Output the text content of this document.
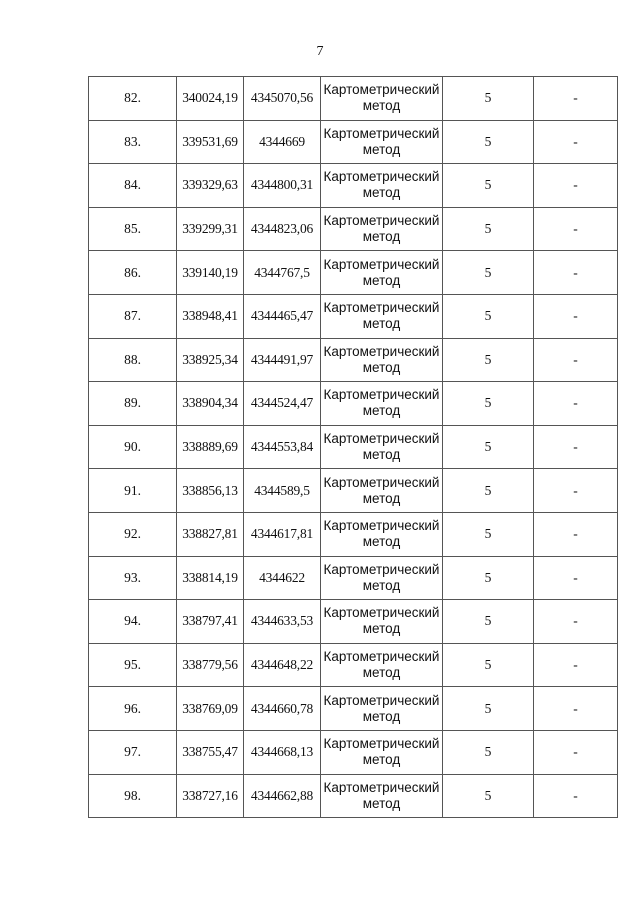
7
82.	340024,19	4345070,56	Картометрический метод	5	-
83.	339531,69	4344669	Картометрический метод	5	-
84.	339329,63	4344800,31	Картометрический метод	5	-
85.	339299,31	4344823,06	Картометрический метод	5	-
86.	339140,19	4344767,5	Картометрический метод	5	-
87.	338948,41	4344465,47	Картометрический метод	5	-
88.	338925,34	4344491,97	Картометрический метод	5	-
89.	338904,34	4344524,47	Картометрический метод	5	-
90.	338889,69	4344553,84	Картометрический метод	5	-
91.	338856,13	4344589,5	Картометрический метод	5	-
92.	338827,81	4344617,81	Картометрический метод	5	-
93.	338814,19	4344622	Картометрический метод	5	-
94.	338797,41	4344633,53	Картометрический метод	5	-
95.	338779,56	4344648,22	Картометрический метод	5	-
96.	338769,09	4344660,78	Картометрический метод	5	-
97.	338755,47	4344668,13	Картометрический метод	5	-
98.	338727,16	4344662,88	Картометрический метод	5	-
